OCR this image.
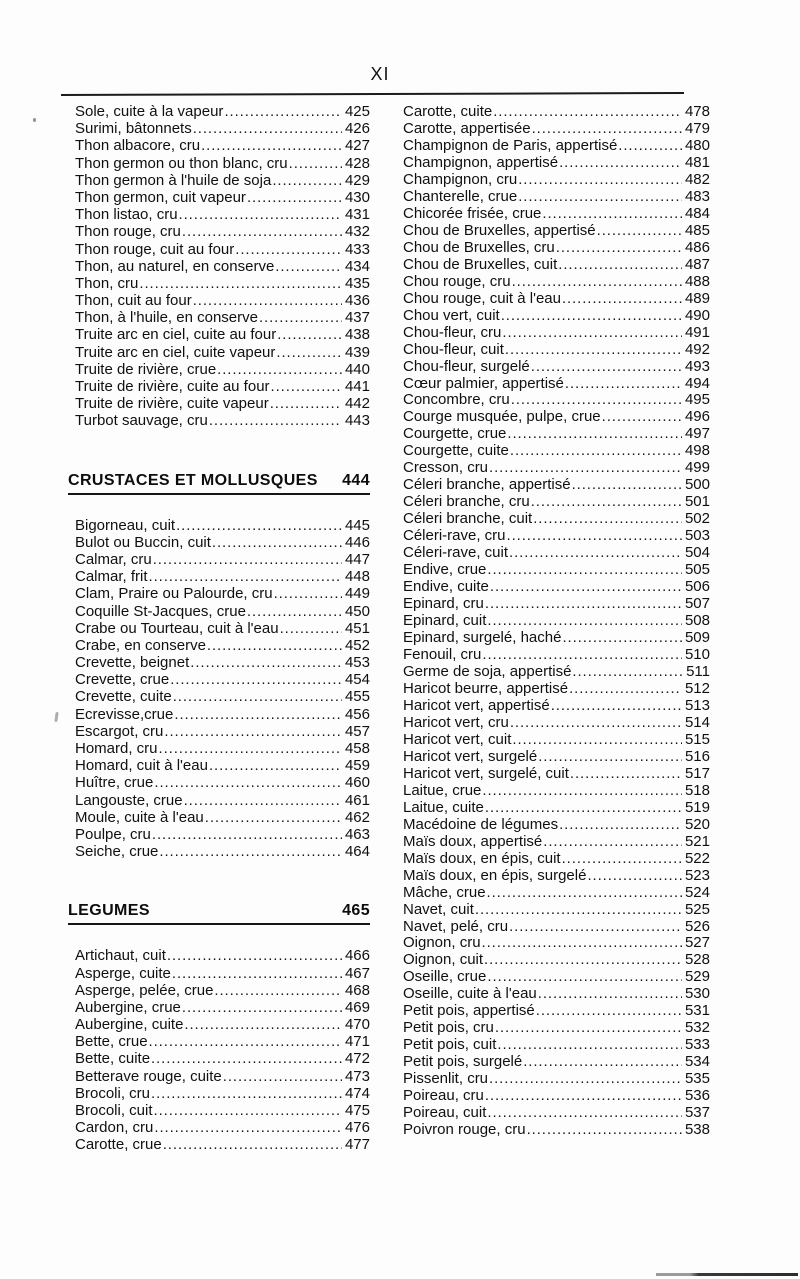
XI
Sole, cuite à la vapeur .....	425
Surimi, bâtonnets .....	426
Thon albacore, cru .....	427
Thon germon ou thon blanc, cru .....	428
Thon germon à l'huile de soja .....	429
Thon germon, cuit vapeur .....	430
Thon listao, cru .....	431
Thon rouge, cru .....	432
Thon rouge, cuit au four .....	433
Thon, au naturel, en conserve .....	434
Thon, cru .....	435
Thon, cuit au four .....	436
Thon, à l'huile, en conserve .....	437
Truite arc en ciel, cuite au four .....	438
Truite arc en ciel, cuite vapeur .....	439
Truite de rivière, crue .....	440
Truite de rivière, cuite au four .....	441
Truite de rivière, cuite vapeur .....	442
Turbot sauvage, cru .....	443
CRUSTACES ET MOLLUSQUES 444
Bigorneau, cuit .....	445
Bulot ou Buccin, cuit .....	446
Calmar, cru .....	447
Calmar, frit .....	448
Clam, Praire ou Palourde, cru .....	449
Coquille St-Jacques, crue .....	450
Crabe ou Tourteau, cuit à l'eau .....	451
Crabe, en conserve .....	452
Crevette, beignet .....	453
Crevette, crue .....	454
Crevette, cuite .....	455
Ecrevisse,crue .....	456
Escargot, cru .....	457
Homard, cru .....	458
Homard, cuit à l'eau .....	459
Huître, crue .....	460
Langouste, crue .....	461
Moule, cuite à l'eau .....	462
Poulpe, cru .....	463
Seiche, crue .....	464
LEGUMES	465
Artichaut, cuit .....	466
Asperge, cuite .....	467
Asperge, pelée, crue .....	468
Aubergine, crue .....	469
Aubergine, cuite .....	470
Bette, crue .....	471
Bette, cuite .....	472
Betterave rouge, cuite .....	473
Brocoli, cru .....	474
Brocoli, cuit .....	475
Cardon, cru .....	476
Carotte, crue .....	477
Carotte, cuite .....	478
Carotte, appertisée .....	479
Champignon de Paris, appertisé .....	480
Champignon, appertisé .....	481
Champignon, cru .....	482
Chanterelle, crue .....	483
Chicorée frisée, crue .....	484
Chou de Bruxelles, appertisé .....	485
Chou de Bruxelles, cru .....	486
Chou de Bruxelles, cuit .....	487
Chou rouge, cru .....	488
Chou rouge, cuit à l'eau .....	489
Chou vert, cuit .....	490
Chou-fleur, cru .....	491
Chou-fleur, cuit .....	492
Chou-fleur, surgelé .....	493
Cœur palmier, appertisé .....	494
Concombre, cru .....	495
Courge musquée, pulpe, crue .....	496
Courgette, crue .....	497
Courgette, cuite .....	498
Cresson, cru .....	499
Céleri branche, appertisé .....	500
Céleri branche, cru .....	501
Céleri branche, cuit .....	502
Céleri-rave, cru .....	503
Céleri-rave, cuit .....	504
Endive, crue .....	505
Endive, cuite .....	506
Epinard, cru .....	507
Epinard, cuit .....	508
Epinard, surgelé, haché .....	509
Fenouil, cru .....	510
Germe de soja, appertisé .....	511
Haricot beurre, appertisé .....	512
Haricot vert, appertisé .....	513
Haricot vert, cru .....	514
Haricot vert, cuit .....	515
Haricot vert, surgelé .....	516
Haricot vert, surgelé, cuit .....	517
Laitue, crue .....	518
Laitue, cuite .....	519
Macédoine de légumes .....	520
Maïs doux, appertisé .....	521
Maïs doux, en épis, cuit .....	522
Maïs doux, en épis, surgelé .....	523
Mâche, crue .....	524
Navet, cuit .....	525
Navet, pelé, cru .....	526
Oignon, cru .....	527
Oignon, cuit .....	528
Oseille, crue .....	529
Oseille, cuite à l'eau .....	530
Petit pois, appertisé .....	531
Petit pois, cru .....	532
Petit pois, cuit .....	533
Petit pois, surgelé .....	534
Pissenlit, cru .....	535
Poireau, cru .....	536
Poireau, cuit .....	537
Poivron rouge, cru .....	538
